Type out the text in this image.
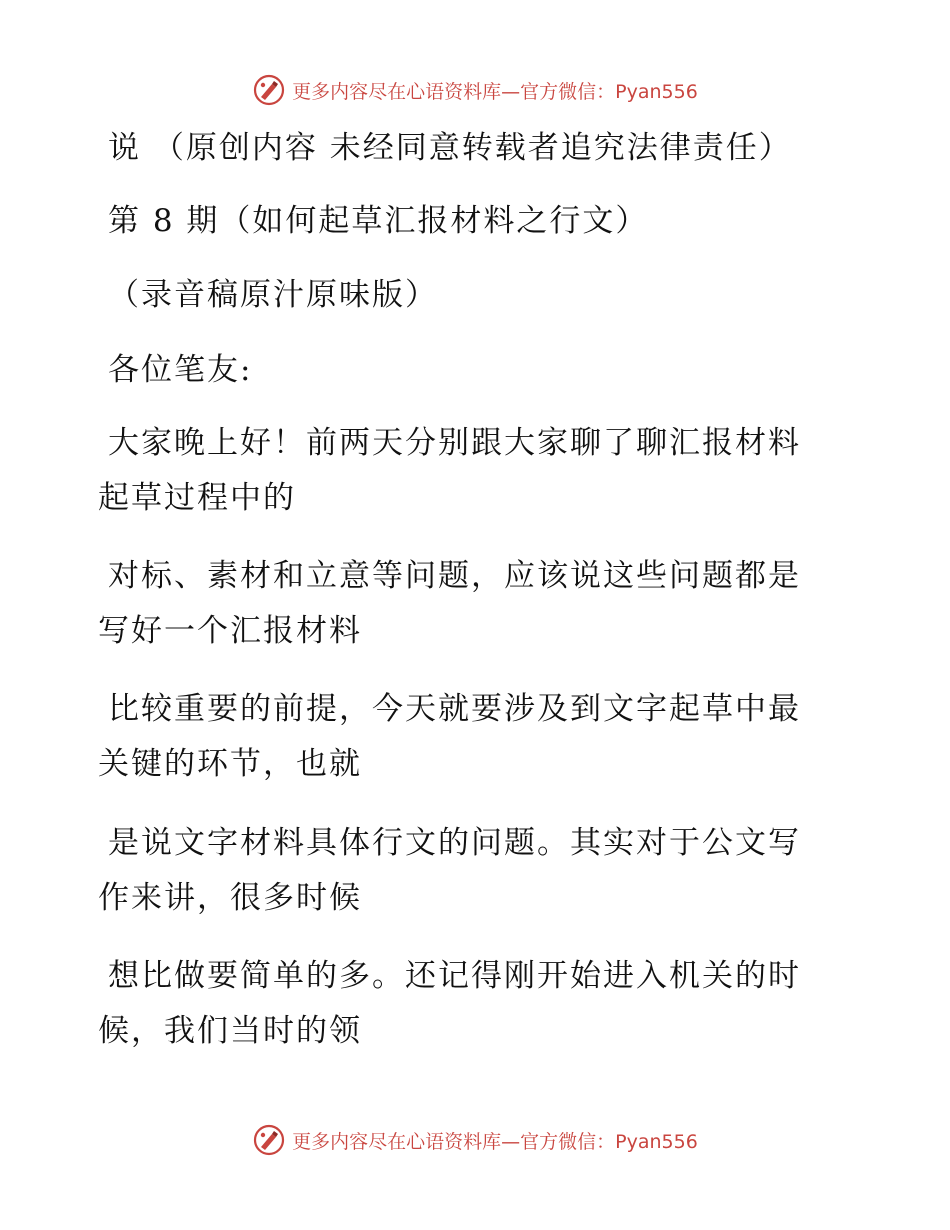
更多内容尽在心语资料库—官方微信：Pyan556
说 （原创内容 未经同意转载者追究法律责任）
第 8 期（如何起草汇报材料之行文）
（录音稿原汁原味版）
各位笔友:
大家晚上好！前两天分别跟大家聊了聊汇报材料
起草过程中的
对标、素材和立意等问题，应该说这些问题都是
写好一个汇报材料
比较重要的前提，今天就要涉及到文字起草中最
关键的环节，也就
是说文字材料具体行文的问题。其实对于公文写
作来讲，很多时候
想比做要简单的多。还记得刚开始进入机关的时
候，我们当时的领
更多内容尽在心语资料库—官方微信：Pyan556
